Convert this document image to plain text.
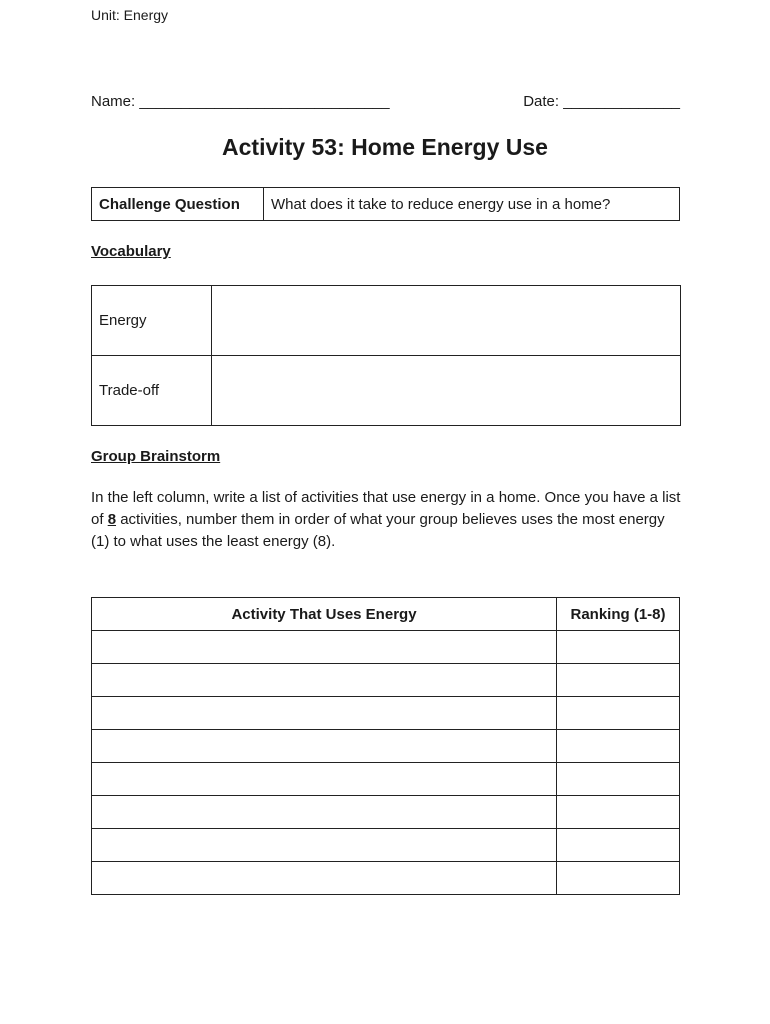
Unit: Energy
Name: ______________________________	Date: ______________
Activity 53: Home Energy Use
Challenge Question	What does it take to reduce energy use in a home?
Vocabulary
Energy	
Trade-off	
Group Brainstorm
In the left column, write a list of activities that use energy in a home. Once you have a list of 8 activities, number them in order of what your group believes uses the most energy (1) to what uses the least energy (8).
Activity That Uses Energy	Ranking (1-8)
